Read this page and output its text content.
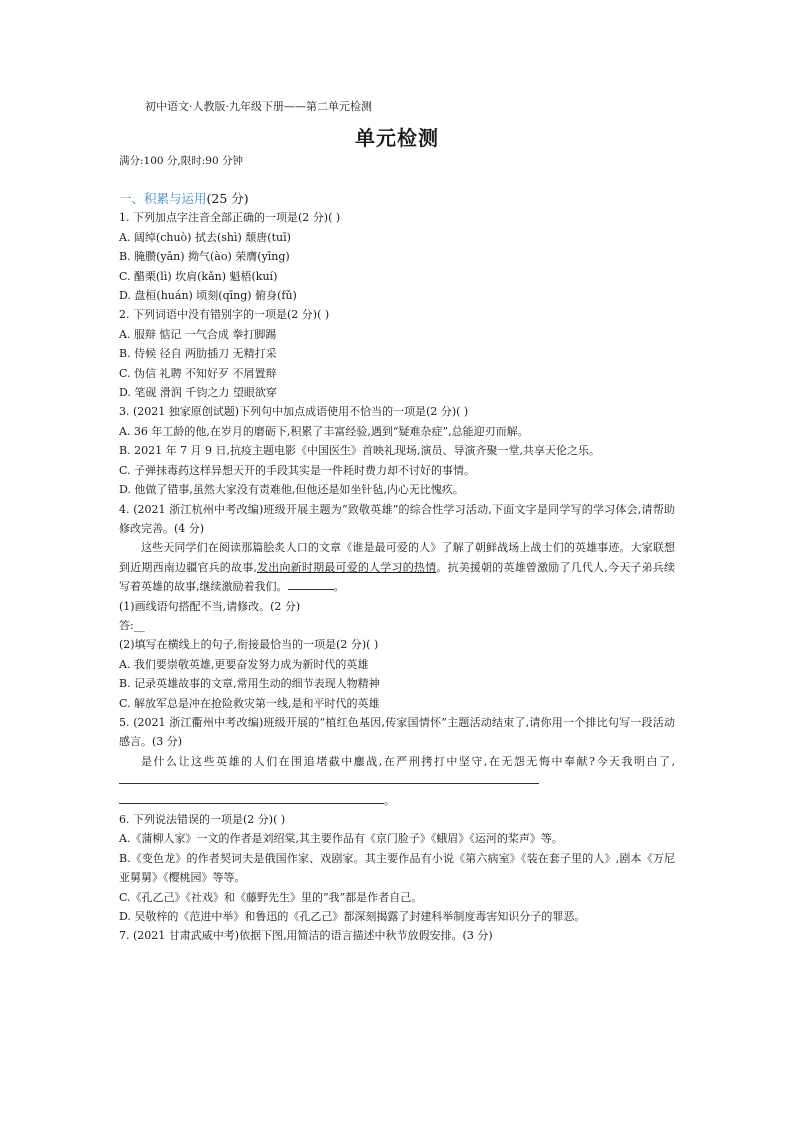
初中语文·人教版·九年级下册——第二单元检测
单元检测
满分:100 分,限时:90 分钟
一、积累与运用(25 分)
1. 下列加点字注音全部正确的一项是(2 分)( )
A. 阔绰(chuò) 拭去(shì) 颓唐(tuī)
B. 腌臜(yān) 拗气(ào) 荣膺(yīng)
C. 醋栗(lì) 坎肩(kǎn) 魁梧(kuí)
D. 盘桓(huán) 顷刻(qīng) 俯身(fǔ)
2. 下列词语中没有错别字的一项是(2 分)( )
A. 服辩 惦记 一气合成 拳打脚踢
B. 侍候 径自 两肋插刀 无精打采
C. 伪信 礼聘 不知好歹 不屑置辩
D. 笔砚 滑润 千钧之力 望眼欲穿
3. (2021 独家原创试题)下列句中加点成语使用不恰当的一项是(2 分)( )
A. 36 年工龄的他,在岁月的磨砺下,积累了丰富经验,遇到“疑难杂症”,总能迎刃而解。
B. 2021 年 7 月 9 日,抗疫主题电影《中国医生》首映礼现场,演员、导演齐聚一堂,共享天伦之乐。
C. 子弹抹毒药这样异想天开的手段其实是一件耗时费力却不讨好的事情。
D. 他做了错事,虽然大家没有责难他,但他还是如坐针毡,内心无比愧疚。
4. (2021 浙江杭州中考改编)班级开展主题为“致敬英雄”的综合性学习活动,下面文字是同学写的学习体会,请帮助修改完善。(4 分)
这些天同学们在阅读那篇脍炙人口的文章《谁是最可爱的人》了解了朝鲜战场上战士们的英雄事迹。大家联想到近期西南边疆官兵的故事,发出向新时期最可爱的人学习的热情。抗美援朝的英雄曾激励了几代人,今天子弟兵续写着英雄的故事,继续激励着我们。	。
(1)画线语句搭配不当,请修改。(2 分)
答:__
(2)填写在横线上的句子,衔接最恰当的一项是(2 分)( )
A. 我们要崇敬英雄,更要奋发努力成为新时代的英雄
B. 记录英雄故事的文章,常用生动的细节表现人物精神
C. 解放军总是冲在抢险救灾第一线,是和平时代的英雄
5. (2021 浙江衢州中考改编)班级开展的“植红色基因,传家国情怀”主题活动结束了,请你用一个排比句写一段活动感言。(3 分)
是什么让这些英雄的人们在围追堵截中鏖战,在严刑拷打中坚守,在无怨无悔中奉献?今天我明白了,
。
6. 下列说法错误的一项是(2 分)( )
A.《蒲柳人家》一文的作者是刘绍棠,其主要作品有《京门脸子》《蛾眉》《运河的桨声》等。
B.《变色龙》的作者契诃夫是俄国作家、戏剧家。其主要作品有小说《第六病室》《装在套子里的人》,剧本《万尼亚舅舅》《樱桃园》等等。
C.《孔乙己》《社戏》和《藤野先生》里的“我”都是作者自己。
D. 吴敬梓的《范进中举》和鲁迅的《孔乙己》都深刻揭露了封建科举制度毒害知识分子的罪恶。
7. (2021 甘肃武威中考)依据下图,用简洁的语言描述中秋节放假安排。(3 分)
